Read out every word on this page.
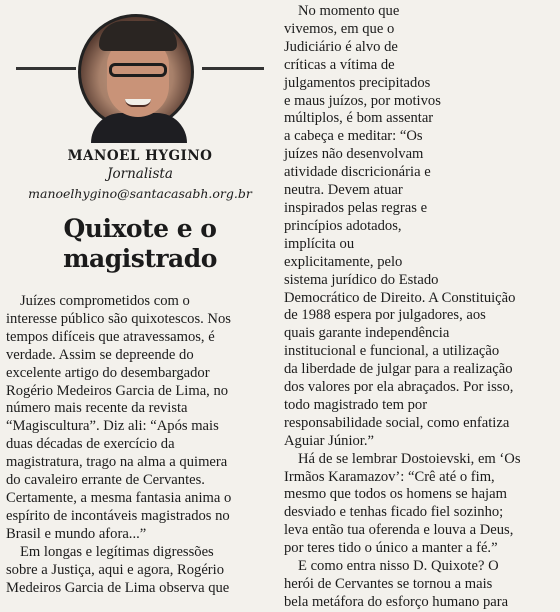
MANOEL HYGINO
Jornalista
manoelhygino@santacasabh.org.br
Quixote e o
magistrado
Juízes comprometidos com o
interesse público são quixotescos. Nos
tempos difíceis que atravessamos, é
verdade. Assim se depreende do
excelente artigo do desembargador
Rogério Medeiros Garcia de Lima, no
número mais recente da revista
“Magiscultura”. Diz ali: “Após mais
duas décadas de exercício da
magistratura, trago na alma a quimera
do cavaleiro errante de Cervantes.
Certamente, a mesma fantasia anima o
espírito de incontáveis magistrados no
Brasil e mundo afora...”
Em longas e legítimas digressões
sobre a Justiça, aqui e agora, Rogério
Medeiros Garcia de Lima observa que
No momento que
vivemos, em que o
Judiciário é alvo de
críticas a vítima de
julgamentos precipitados
e maus juízos, por motivos
múltiplos, é bom assentar
a cabeça e meditar: “Os
juízes não desenvolvam
atividade discricionária e
neutra. Devem atuar
inspirados pelas regras e
princípios adotados,
implícita ou
explicitamente, pelo
sistema jurídico do Estado
Democrático de Direito. A Constituição
de 1988 espera por julgadores, aos
quais garante independência
institucional e funcional, a utilização
da liberdade de julgar para a realização
dos valores por ela abraçados. Por isso,
todo magistrado tem por
responsabilidade social, como enfatiza
Aguiar Júnior.”
Há de se lembrar Dostoievski, em ‘Os
Irmãos Karamazov’: “Crê até o fim,
mesmo que todos os homens se hajam
desviado e tenhas ficado fiel sozinho;
leva então tua oferenda e louva a Deus,
por teres tido o único a manter a fé.”
E como entra nisso D. Quixote? O
herói de Cervantes se tornou a mais
bela metáfora do esforço humano para
